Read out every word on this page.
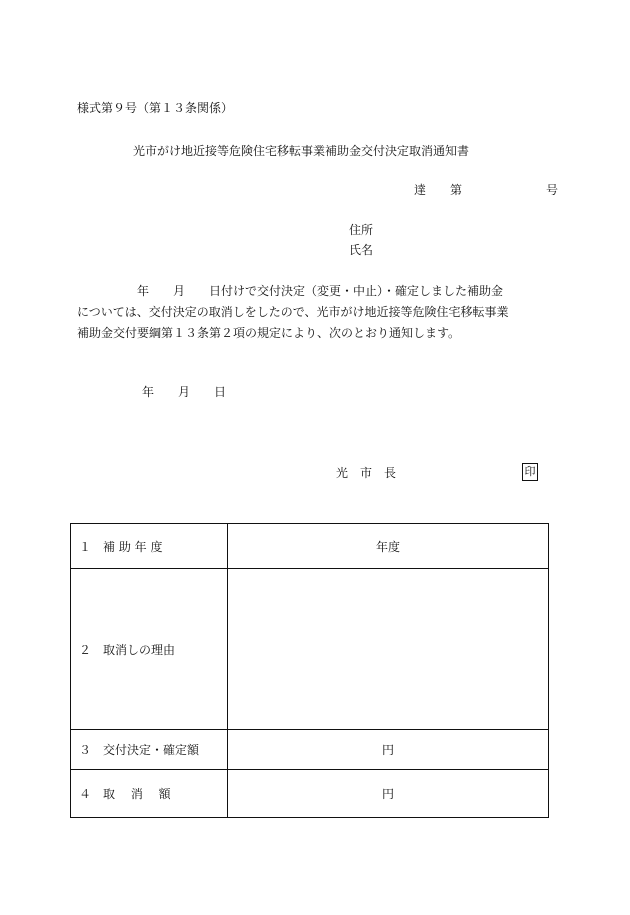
様式第９号（第１３条関係）
光市がけ地近接等危険住宅移転事業補助金交付決定取消通知書
達　　第　　　　　　　号
住所
氏名
　　　　　年　　月　　日付けで交付決定（変更・中止）・確定しました補助金
については、交付決定の取消しをしたので、光市がけ地近接等危険住宅移転事業
補助金交付要綱第１３条第２項の規定により、次のとおり通知します。
年　　月　　日
光　市　長	印
１　補 助 年 度	年度
２　取消しの理由	
３　交付決定・確定額	円
４　取　 消 　額	円
